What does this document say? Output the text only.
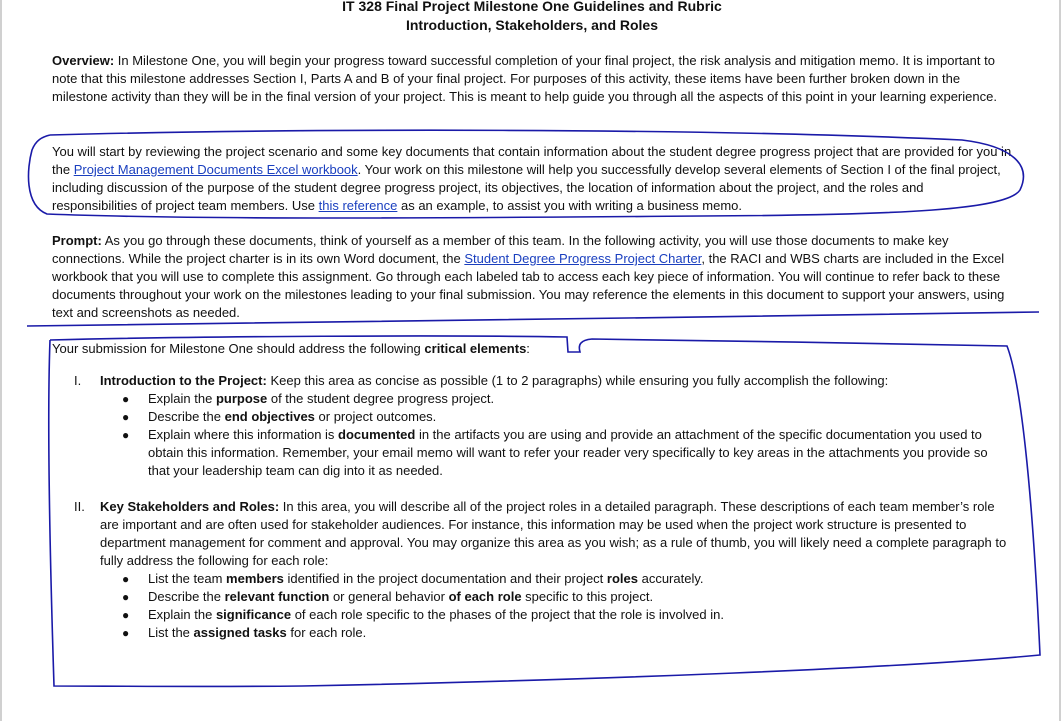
IT 328 Final Project Milestone One Guidelines and Rubric

Introduction, Stakeholders, and Roles

Overview: In Milestone One, you will begin your progress toward successful completion of your final project, the risk analysis and mitigation memo. It is important to note that this milestone addresses Section I, Parts A and B of your final project. For purposes of this activity, these items have been further broken down in the milestone activity than they will be in the final version of your project. This is meant to help guide you through all the aspects of this point in your learning experience.

You will start by reviewing the project scenario and some key documents that contain information about the student degree progress project that are provided for you in the Project Management Documents Excel workbook. Your work on this milestone will help you successfully develop several elements of Section I of the final project, including discussion of the purpose of the student degree progress project, its objectives, the location of information about the project, and the roles and responsibilities of project team members. Use this reference as an example, to assist you with writing a business memo.

Prompt: As you go through these documents, think of yourself as a member of this team. In the following activity, you will use those documents to make key connections. While the project charter is in its own Word document, the Student Degree Progress Project Charter, the RACI and WBS charts are included in the Excel workbook that you will use to complete this assignment. Go through each labeled tab to access each key piece of information. You will continue to refer back to these documents throughout your work on the milestones leading to your final submission. You may reference the elements in this document to support your answers, using text and screenshots as needed.

Your submission for Milestone One should address the following critical elements:

I.	Introduction to the Project: Keep this area as concise as possible (1 to 2 paragraphs) while ensuring you fully accomplish the following:
●	Explain the purpose of the student degree progress project.
●	Describe the end objectives or project outcomes.
●	Explain where this information is documented in the artifacts you are using and provide an attachment of the specific documentation you used to obtain this information. Remember, your email memo will want to refer your reader very specifically to key areas in the attachments you provide so that your leadership team can dig into it as needed.
II.	Key Stakeholders and Roles: In this area, you will describe all of the project roles in a detailed paragraph. These descriptions of each team member’s role are important and are often used for stakeholder audiences. For instance, this information may be used when the project work structure is presented to department management for comment and approval. You may organize this area as you wish; as a rule of thumb, you will likely need a complete paragraph to fully address the following for each role:
●	List the team members identified in the project documentation and their project roles accurately.
●	Describe the relevant function or general behavior of each role specific to this project.
●	Explain the significance of each role specific to the phases of the project that the role is involved in.
●	List the assigned tasks for each role.
